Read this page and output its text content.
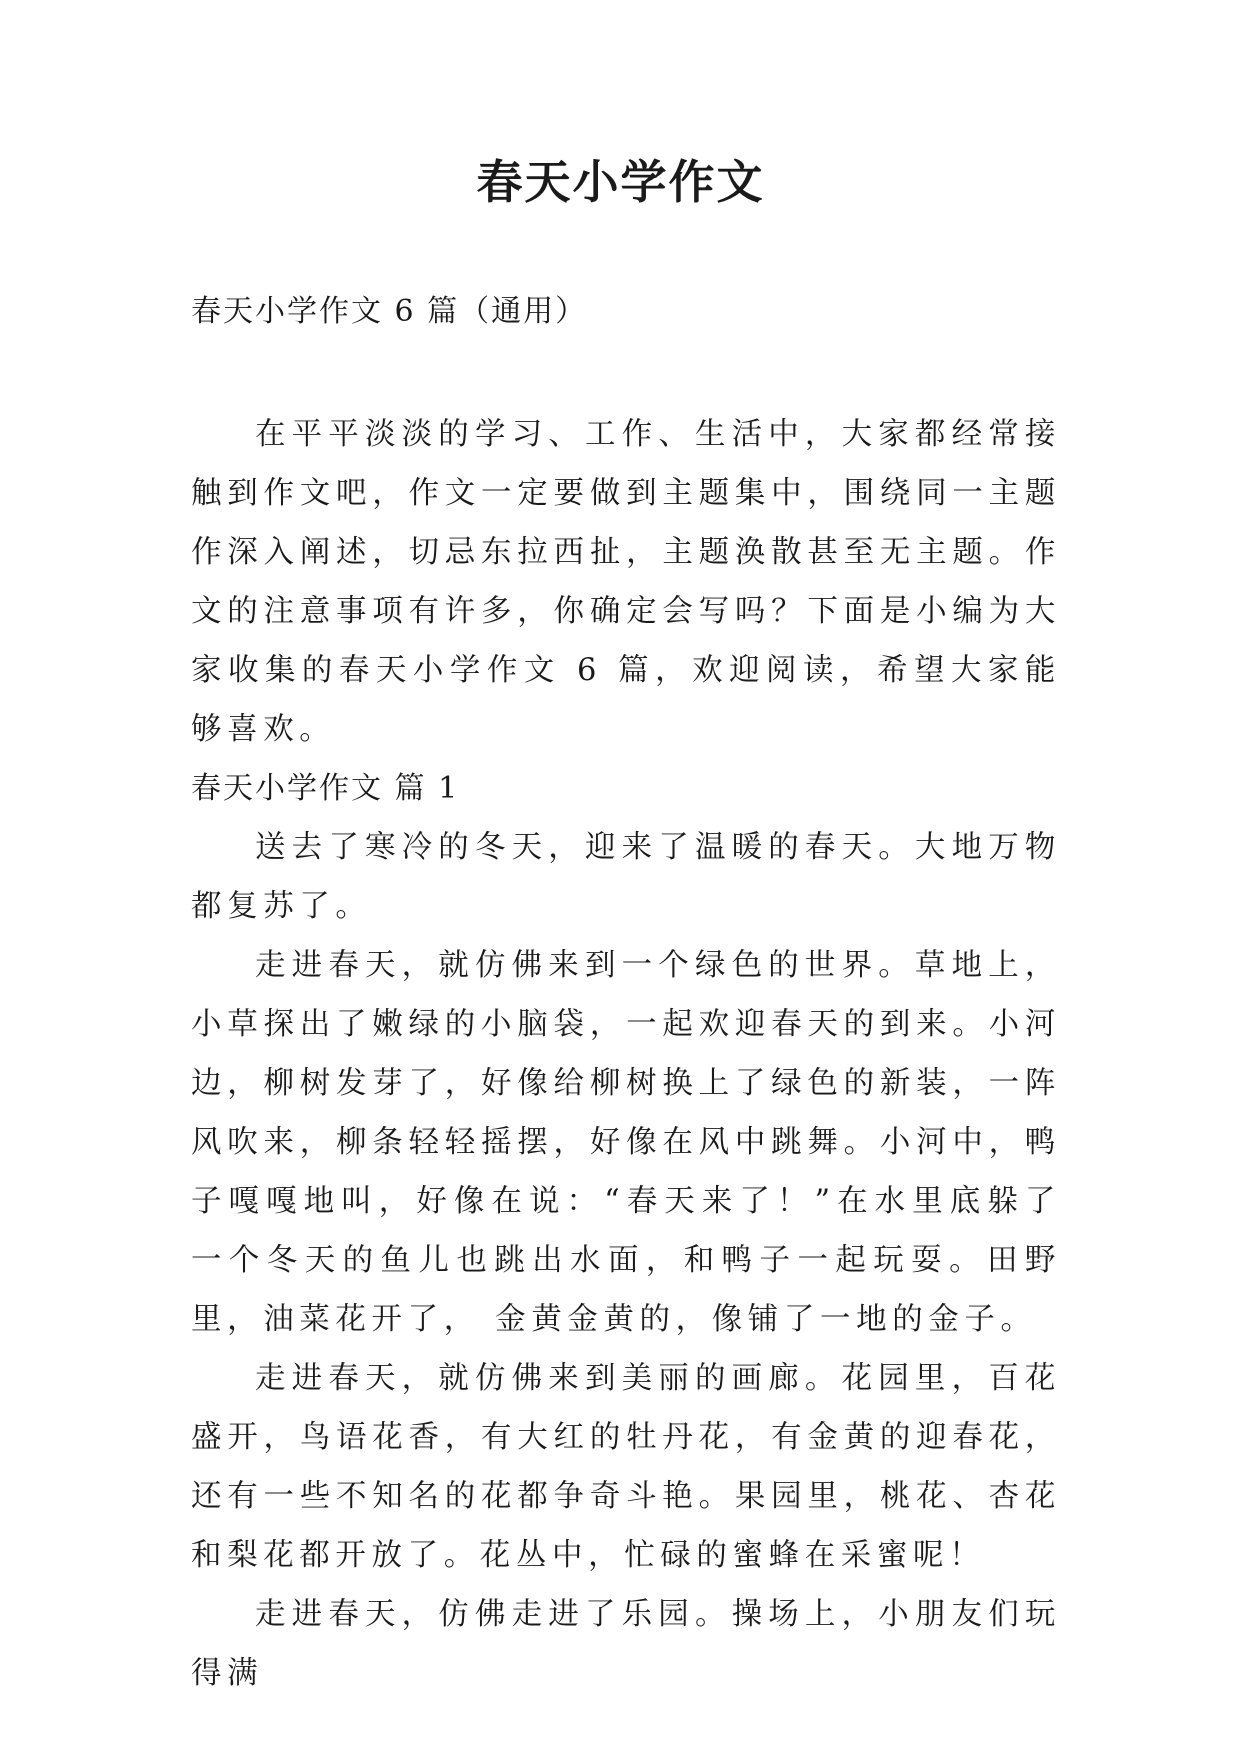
春天小学作文
春天小学作文 6 篇（通用）

在平平淡淡的学习、工作、生活中，大家都经常接触到作文吧，作文一定要做到主题集中，围绕同一主题作深入阐述，切忌东拉西扯，主题涣散甚至无主题。作文的注意事项有许多，你确定会写吗？下面是小编为大家收集的春天小学作文 6 篇，欢迎阅读，希望大家能够喜欢。

春天小学作文 篇 1

送去了寒冷的冬天，迎来了温暖的春天。大地万物都复苏了。

走进春天，就仿佛来到一个绿色的世界。草地上，小草探出了嫩绿的小脑袋，一起欢迎春天的到来。小河边，柳树发芽了，好像给柳树换上了绿色的新装，一阵风吹来，柳条轻轻摇摆，好像在风中跳舞。小河中，鸭子嘎嘎地叫，好像在说：“春天来了！”在水里底躲了一个冬天的鱼儿也跳出水面，和鸭子一起玩耍。田野里，油菜花开了， 金黄金黄的，像铺了一地的金子。

走进春天，就仿佛来到美丽的画廊。花园里，百花盛开，鸟语花香，有大红的牡丹花，有金黄的迎春花，还有一些不知名的花都争奇斗艳。果园里，桃花、杏花和梨花都开放了。花丛中，忙碌的蜜蜂在采蜜呢！

走进春天，仿佛走进了乐园。操场上，小朋友们玩得满
